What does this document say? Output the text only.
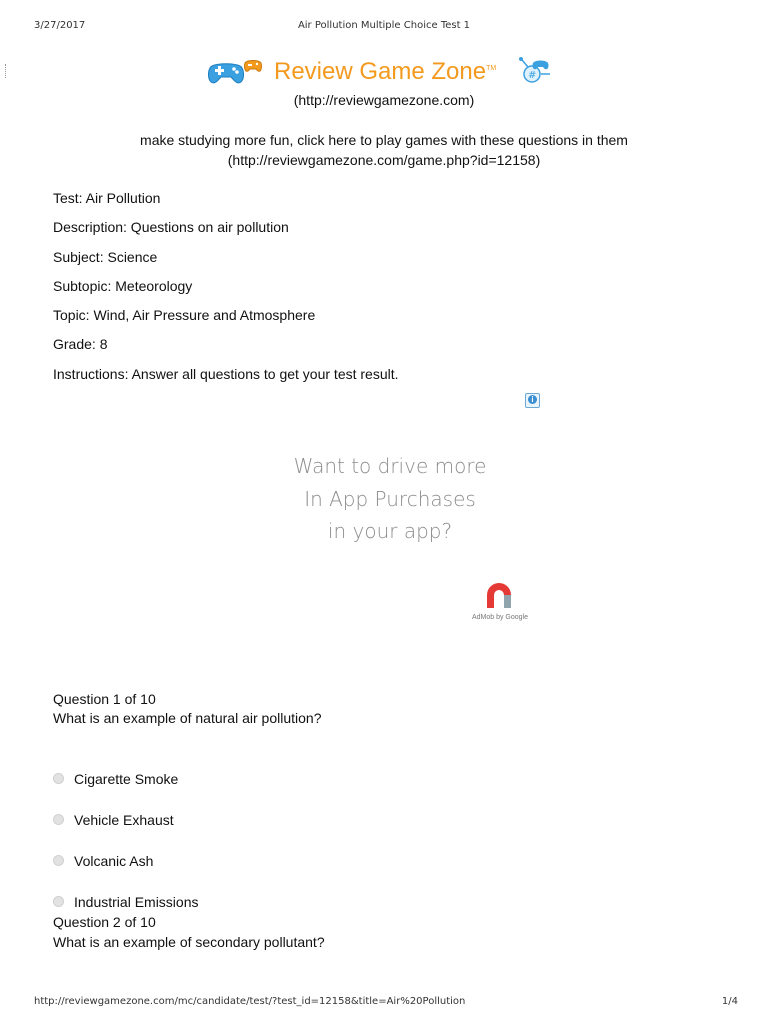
3/27/2017	Air Pollution Multiple Choice Test 1
Review Game Zone™
#
(http://reviewgamezone.com)
make studying more fun, click here to play games with these questions in them
(http://reviewgamezone.com/game.php?id=12158)
Test: Air Pollution
Description: Questions on air pollution
Subject: Science
Subtopic: Meteorology
Topic: Wind, Air Pressure and Atmosphere
Grade: 8
Instructions: Answer all questions to get your test result.
i
Want to drive more
In App Purchases
in your app?
AdMob by Google
Question 1 of 10
What is an example of natural air pollution?
Cigarette Smoke
Vehicle Exhaust
Volcanic Ash
Industrial Emissions
Question 2 of 10
What is an example of secondary pollutant?
http://reviewgamezone.com/mc/candidate/test/?test_id=12158&title=Air%20Pollution	1/4
